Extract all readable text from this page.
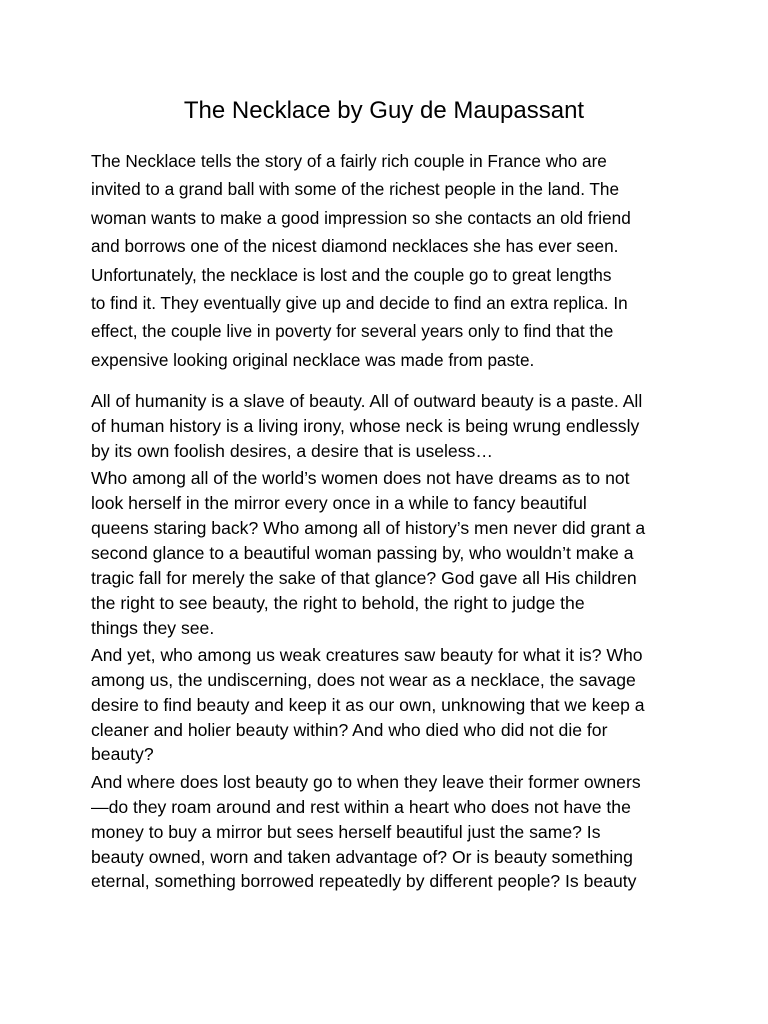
The Necklace by Guy de Maupassant
The Necklace tells the story of a fairly rich couple in France who are
invited to a grand ball with some of the richest people in the land. The
woman wants to make a good impression so she contacts an old friend
and borrows one of the nicest diamond necklaces she has ever seen.
Unfortunately, the necklace is lost and the couple go to great lengths
to find it. They eventually give up and decide to find an extra replica. In
effect, the couple live in poverty for several years only to find that the
expensive looking original necklace was made from paste.
All of humanity is a slave of beauty. All of outward beauty is a paste. All
of human history is a living irony, whose neck is being wrung endlessly
by its own foolish desires, a desire that is useless…
Who among all of the world’s women does not have dreams as to not
look herself in the mirror every once in a while to fancy beautiful
queens staring back? Who among all of history’s men never did grant a
second glance to a beautiful woman passing by, who wouldn’t make a
tragic fall for merely the sake of that glance? God gave all His children
the right to see beauty, the right to behold, the right to judge the
things they see.
And yet, who among us weak creatures saw beauty for what it is? Who
among us, the undiscerning, does not wear as a necklace, the savage
desire to find beauty and keep it as our own, unknowing that we keep a
cleaner and holier beauty within? And who died who did not die for
beauty?
And where does lost beauty go to when they leave their former owners
—do they roam around and rest within a heart who does not have the
money to buy a mirror but sees herself beautiful just the same? Is
beauty owned, worn and taken advantage of? Or is beauty something
eternal, something borrowed repeatedly by different people? Is beauty
